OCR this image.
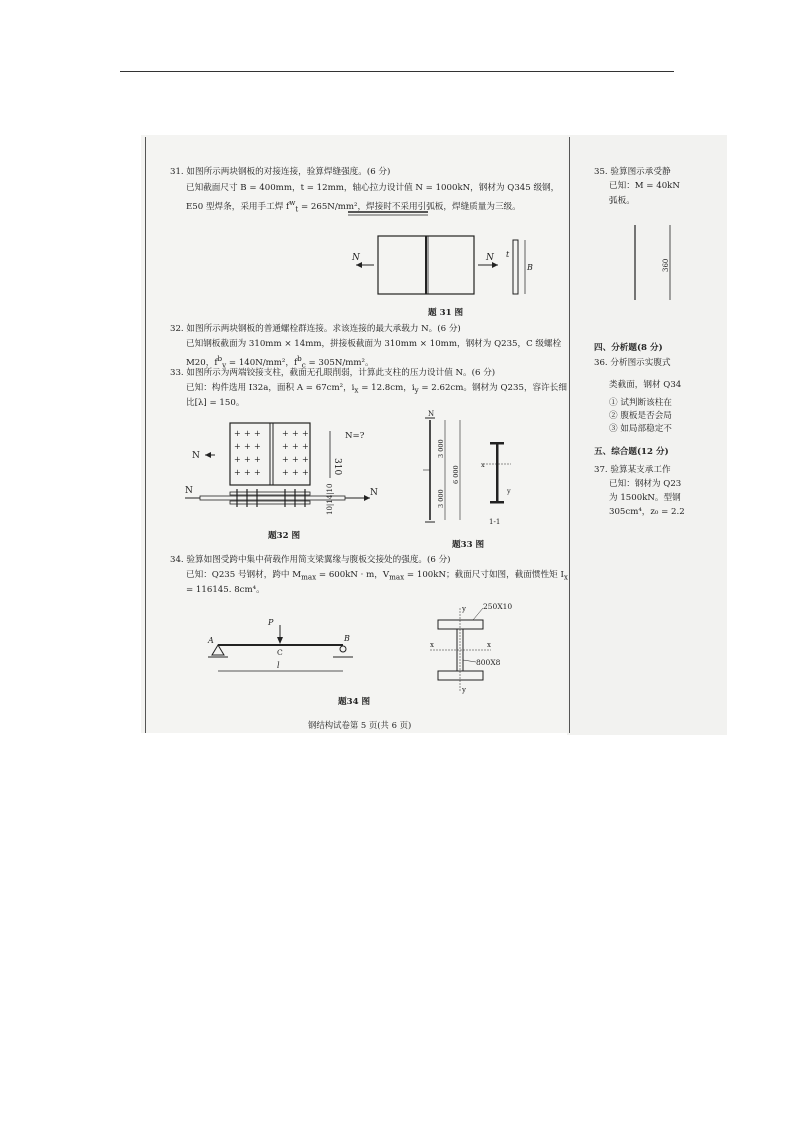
31. 如图所示两块钢板的对接连接，验算焊缝强度。(6 分)
已知截面尺寸 B = 400mm，t = 12mm，轴心拉力设计值 N = 1000kN，钢材为 Q345 级钢，
E50 型焊条，采用手工焊 $f^w_t = 265N/mm^2$，焊接时不采用引弧板，焊缝质量为三级。
N	N t
B
题 31 图
32. 如图所示两块钢板的普通螺栓群连接。求该连接的最大承载力 N。(6 分)
已知钢板截面为 310mm × 14mm，拼接板截面为 310mm × 10mm，钢材为 Q235，C 级螺栓
M20，$f^b_v = 140N/mm^2$，$f^b_c = 305N/mm^2$。
33. 如图所示为两端铰接支柱，截面无孔眼削弱，计算此支柱的压力设计值 N。(6 分)
已知：构件选用 I32a，面积 A = 67cm²，$i_x = 12.8cm$，$i_y = 2.62cm$。钢材为 Q235，容许长细
比[λ] = 150。
+
+
+
+
+
+
+
+
+
+
+
+
+
+
+
+
+
+
+
+
+
+
+
+
N
310
N=?
N	N
10|14|10
题32 图
N
3 000
3 000
6 000
x
y
1-1
题33 图
34. 验算如图受跨中集中荷载作用简支梁翼缘与腹板交接处的强度。(6 分)
已知：Q235 号钢材，跨中 $M_{max} = 600kN \cdot m$，$V_{max} = 100kN$；截面尺寸如图，截面惯性矩 $I_x$
= 116145. 8cm⁴。
P
A	B
C
l
y
y
x	x
250X10
800X8
题34 图
钢结构试卷第 5 页(共 6 页)
35. 验算图示承受静
已知：M = 40kN
弧板。
360
四、分析题(8 分)
36. 分析图示实腹式
类截面，钢材 Q34
① 试判断该柱在
② 腹板是否会局
③ 如局部稳定不
五、综合题(12 分)
37. 验算某支承工作
已知：钢材为 Q23
为 1500kN。型钢
305cm⁴，z₀ = 2.2
